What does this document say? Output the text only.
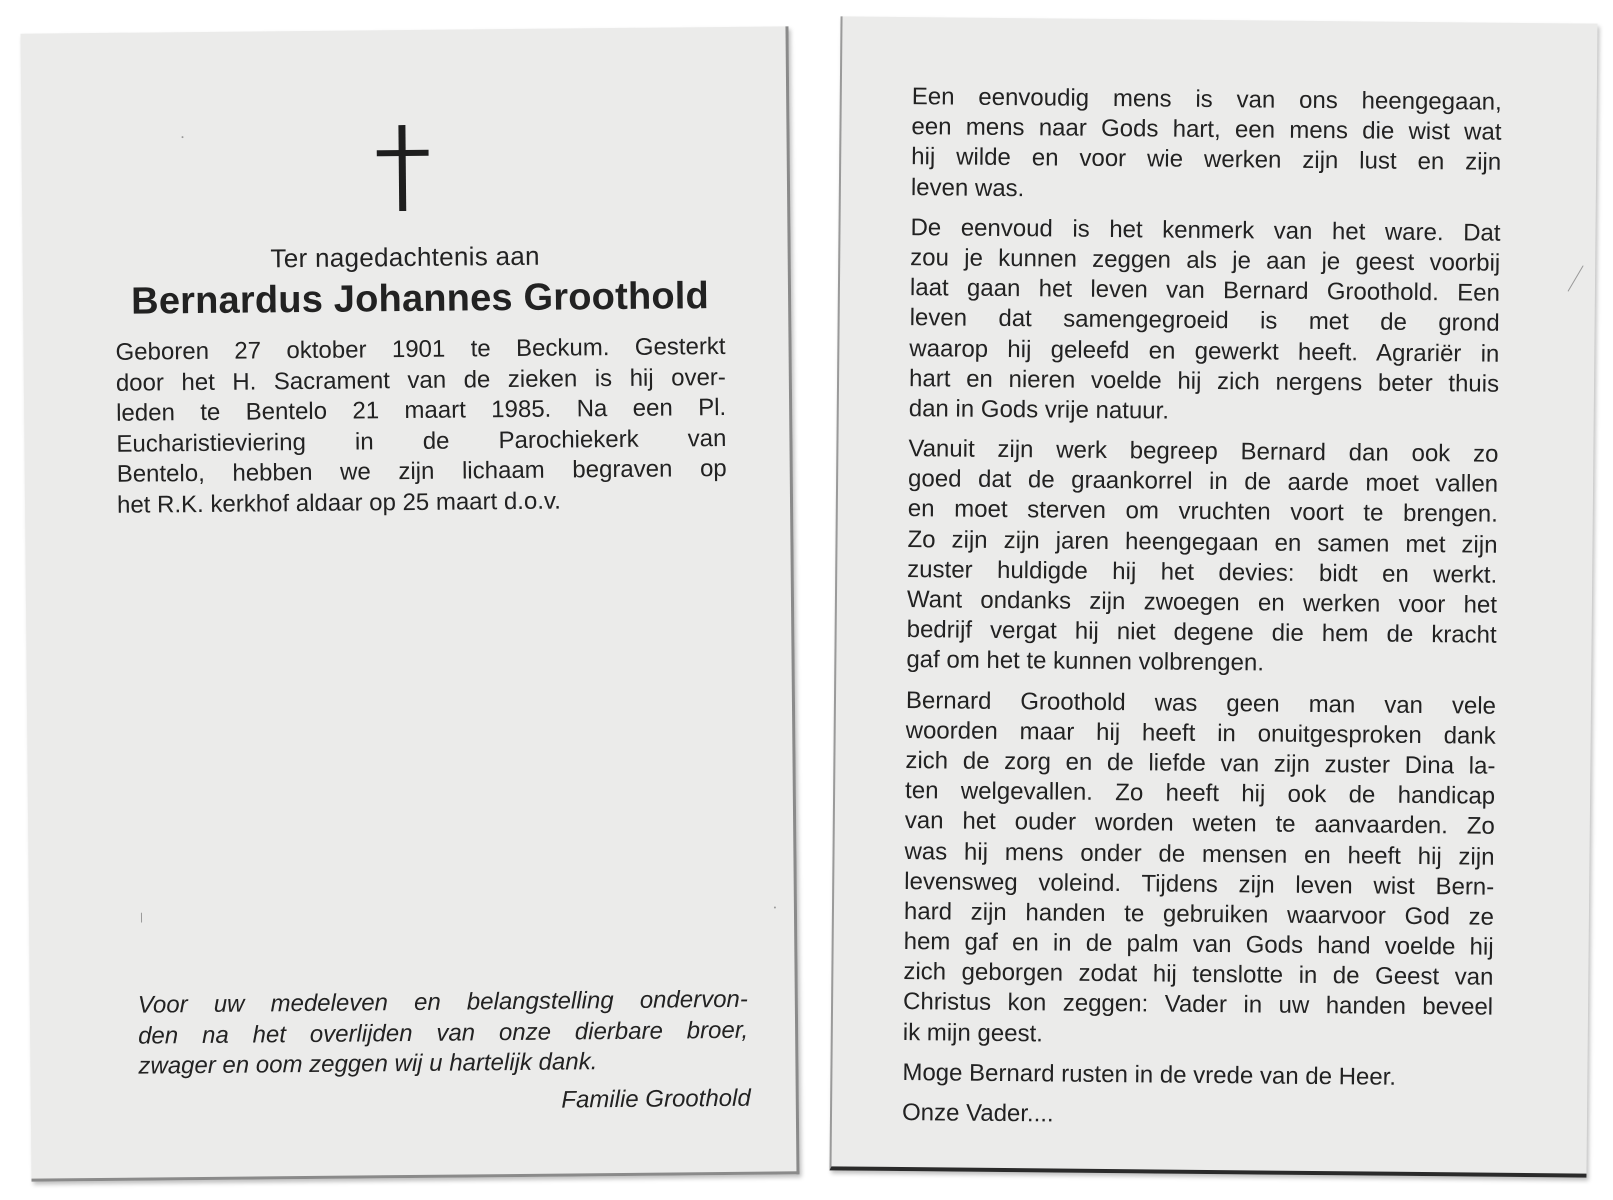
Ter nagedachtenis aan
Bernardus Johannes Groothold
Geboren 27 oktober 1901 te Beckum. Gesterkt
door het H. Sacrament van de zieken is hij over-
leden te Bentelo 21 maart 1985. Na een Pl.
Eucharistieviering in de Parochiekerk van
Bentelo, hebben we zijn lichaam begraven op
het R.K. kerkhof aldaar op 25 maart d.o.v.
Voor uw medeleven en belangstelling ondervon-
den na het overlijden van onze dierbare broer,
zwager en oom zeggen wij u hartelijk dank.
Familie Groothold
Een eenvoudig mens is van ons heengegaan,
een mens naar Gods hart, een mens die wist wat
hij wilde en voor wie werken zijn lust en zijn
leven was.
De eenvoud is het kenmerk van het ware. Dat
zou je kunnen zeggen als je aan je geest voorbij
laat gaan het leven van Bernard Groothold. Een
leven dat samengegroeid is met de grond
waarop hij geleefd en gewerkt heeft. Agrariër in
hart en nieren voelde hij zich nergens beter thuis
dan in Gods vrije natuur.
Vanuit zijn werk begreep Bernard dan ook zo
goed dat de graankorrel in de aarde moet vallen
en moet sterven om vruchten voort te brengen.
Zo zijn zijn jaren heengegaan en samen met zijn
zuster huldigde hij het devies: bidt en werkt.
Want ondanks zijn zwoegen en werken voor het
bedrijf vergat hij niet degene die hem de kracht
gaf om het te kunnen volbrengen.
Bernard Groothold was geen man van vele
woorden maar hij heeft in onuitgesproken dank
zich de zorg en de liefde van zijn zuster Dina la-
ten welgevallen. Zo heeft hij ook de handicap
van het ouder worden weten te aanvaarden. Zo
was hij mens onder de mensen en heeft hij zijn
levensweg voleind. Tijdens zijn leven wist Bern-
hard zijn handen te gebruiken waarvoor God ze
hem gaf en in de palm van Gods hand voelde hij
zich geborgen zodat hij tenslotte in de Geest van
Christus kon zeggen: Vader in uw handen beveel
ik mijn geest.
Moge Bernard rusten in de vrede van de Heer.
Onze Vader....
